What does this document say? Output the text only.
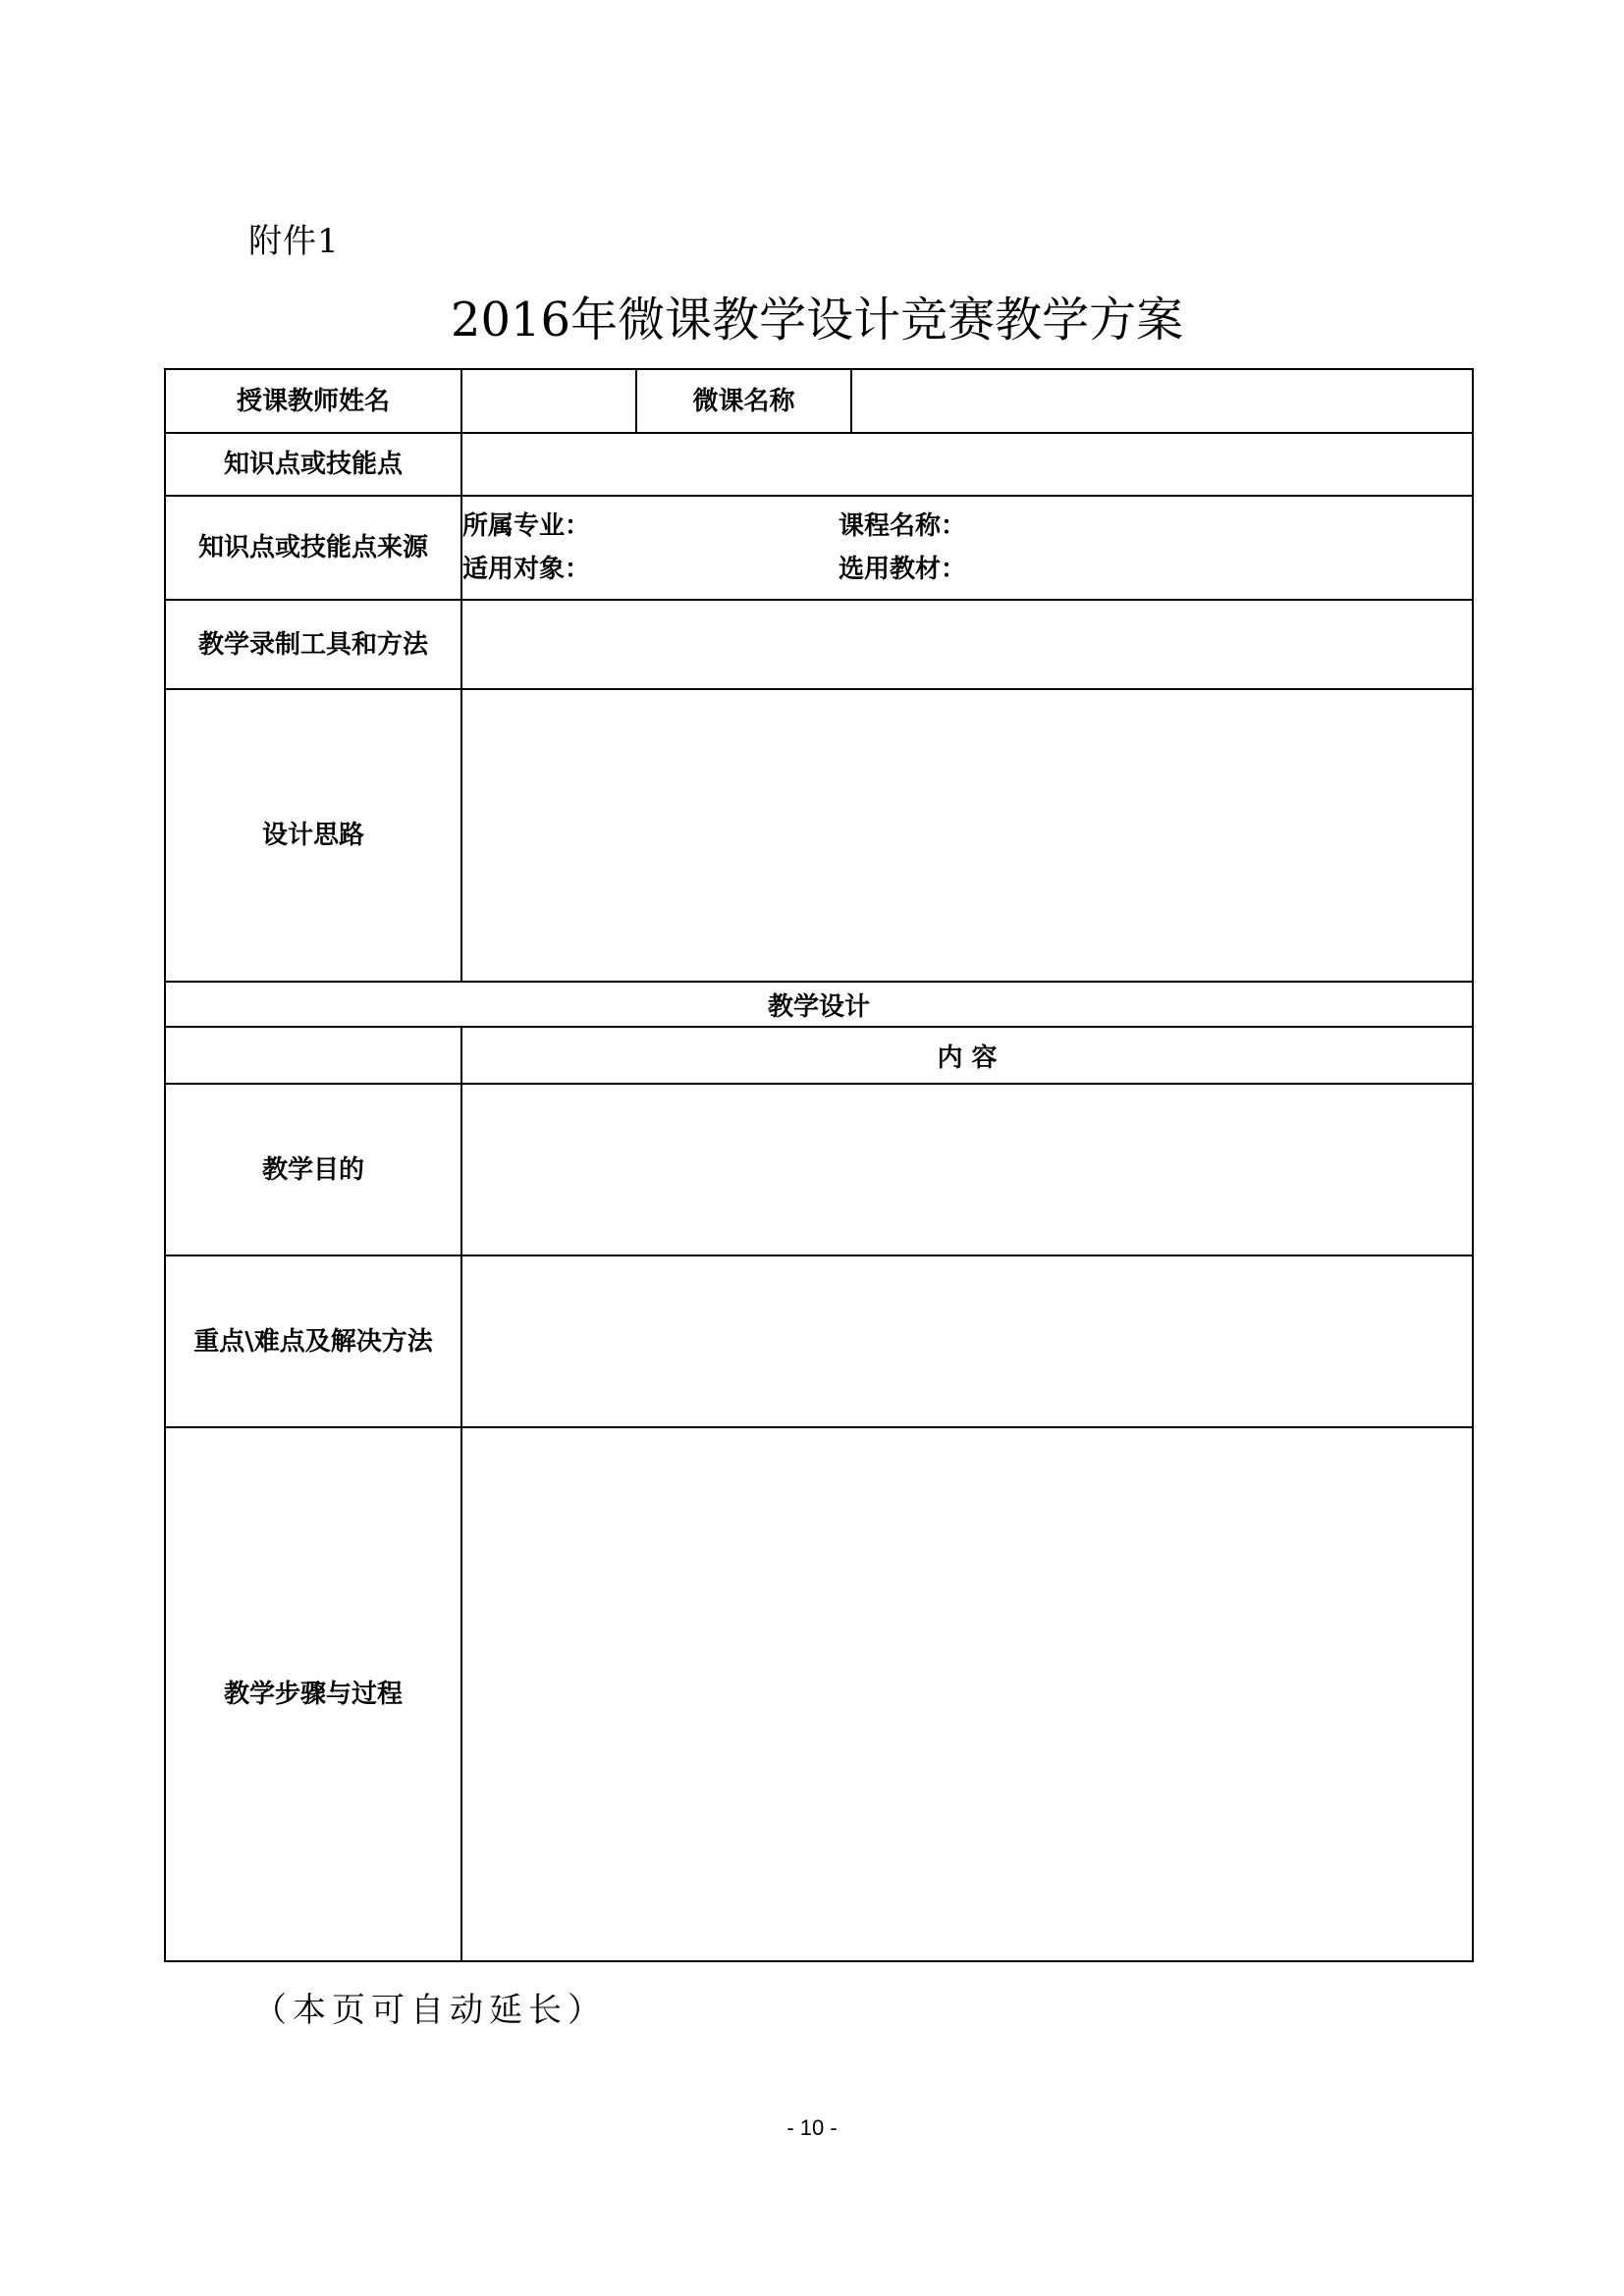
附件1
2016年微课教学设计竞赛教学方案
授课教师姓名		微课名称	
知识点或技能点			
知识点或技能点来源	所属专业： 课程名称：
适用对象： 选用教材：		

教学录制工具和方法			
设计思路			
教学设计			
	内 容		
教学目的			
重点\难点及解决方法			
教学步骤与过程			
（本页可自动延长）
- 10 -
